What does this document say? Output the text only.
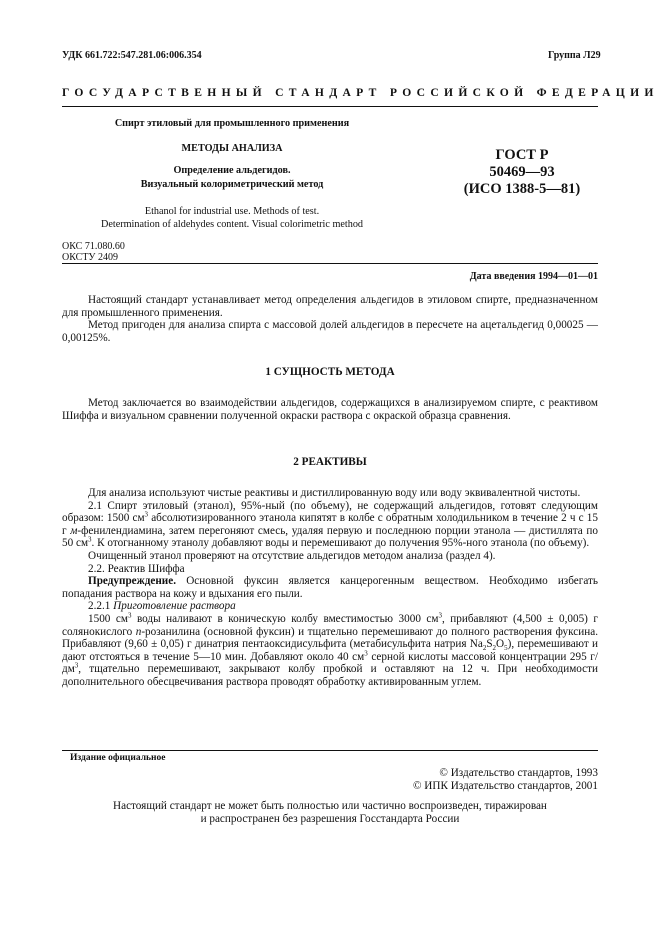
УДК 661.722:547.281.06:006.354	Группа Л29
ГОСУДАРСТВЕННЫЙ СТАНДАРТ РОССИЙСКОЙ ФЕДЕРАЦИИ
Спирт этиловый для промышленного применения
МЕТОДЫ АНАЛИЗА
Определение альдегидов.
Визуальный колориметрический метод
Ethanol for industrial use. Methods of test.
Determination of aldehydes content. Visual colorimetric method
ГОСТ Р
50469—93
(ИСО 1388-5—81)
ОКС 71.080.60
ОКСТУ 2409
Дата введения 1994—01—01

Настоящий стандарт устанавливает метод определения альдегидов в этиловом спирте, предназначенном для промышленного применения.

Метод пригоден для анализа спирта с массовой долей альдегидов в пересчете на ацетальдегид 0,00025 — 0,00125%.

1 СУЩНОСТЬ МЕТОДА

Метод заключается во взаимодействии альдегидов, содержащихся в анализируемом спирте, с реактивом Шиффа и визуальном сравнении полученной окраски раствора с окраской образца сравнения.

2 РЕАКТИВЫ

Для анализа используют чистые реактивы и дистиллированную воду или воду эквивалентной чистоты.

2.1 Спирт этиловый (этанол), 95%-ный (по объему), не содержащий альдегидов, готовят следующим образом: 1500 $см^3$ абсолютизированного этанола кипятят в колбе с обратным холодильником в течение 2 ч с 15 г м-фенилендиамина, затем перегоняют смесь, удаляя первую и последнюю порции этанола — дистиллята по 50 $см^3$. К отогнанному этанолу добавляют воды и перемешивают до получения 95%-ного этанола (по объему).

Очищенный этанол проверяют на отсутствие альдегидов методом анализа (раздел 4).

2.2. Реактив Шиффа

Предупреждение. Основной фуксин является канцерогенным веществом. Необходимо избегать попадания раствора на кожу и вдыхания его пыли.

2.2.1 Приготовление раствора

1500 $см^3$ воды наливают в коническую колбу вместимостью 3000 $см^3$, прибавляют (4,500 ± 0,005) г солянокислого п-розанилина (основной фуксин) и тщательно перемешивают до полного растворения фуксина. Прибавляют (9,60 ± 0,05) г динатрия пентаоксидисульфита (метабисульфита натрия $Na_2S_2O_5$), перемешивают и дают отстояться в течение 5—10 мин. Добавляют около 40 $см^3$ серной кислоты массовой концентрации 295 $г/дм^3$, тщательно перемешивают, закрывают колбу пробкой и оставляют на 12 ч. При необходимости дополнительного обесцвечивания раствора проводят обработку активированным углем.

Издание официальное
© Издательство стандартов, 1993
© ИПК Издательство стандартов, 2001
Настоящий стандарт не может быть полностью или частично воспроизведен, тиражирован
и распространен без разрешения Госстандарта России
